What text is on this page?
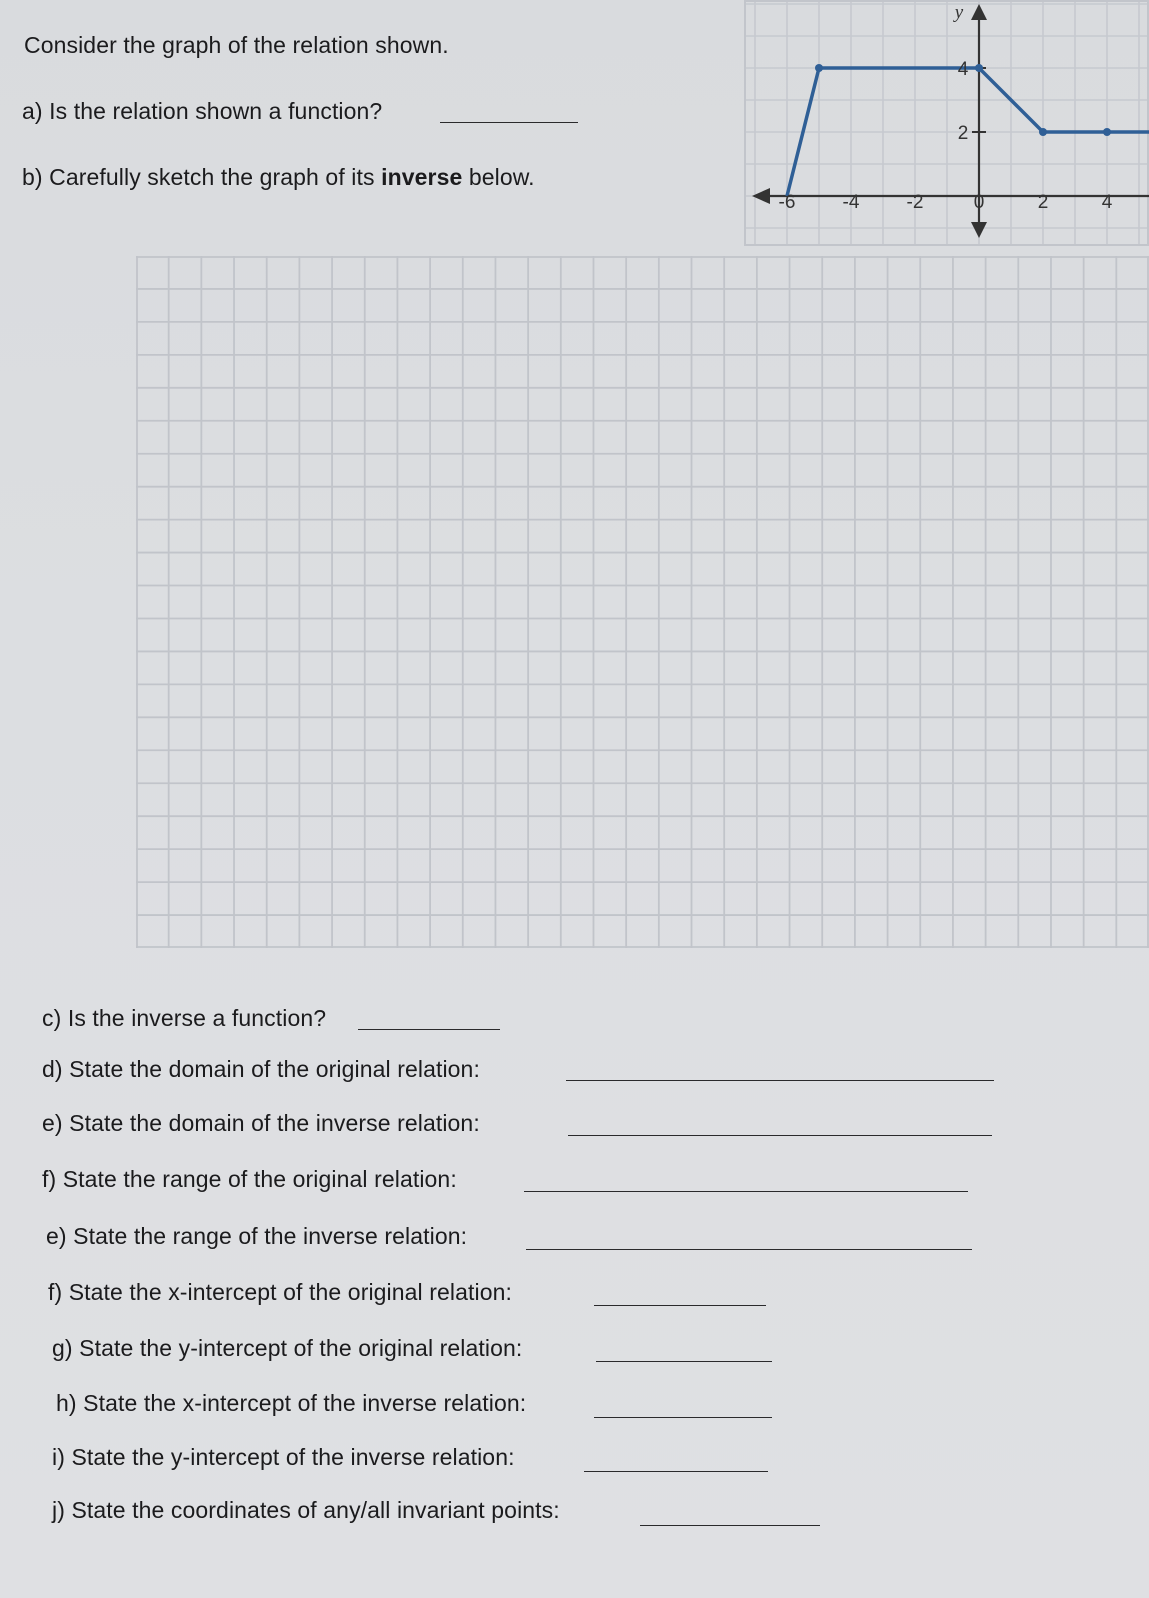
Consider the graph of the relation shown.
a) Is the relation shown a function?
b) Carefully sketch the graph of its inverse below.
-6 -4 -2	0	2	4
2
4
y
c) Is the inverse a function?
d) State the domain of the original relation:
e) State the domain of the inverse relation:
f) State the range of the original relation:
e) State the range of the inverse relation:
f) State the x-intercept of the original relation:
g) State the y-intercept of the original relation:
h) State the x-intercept of the inverse relation:
i) State the y-intercept of the inverse relation:
j) State the coordinates of any/all invariant points:
